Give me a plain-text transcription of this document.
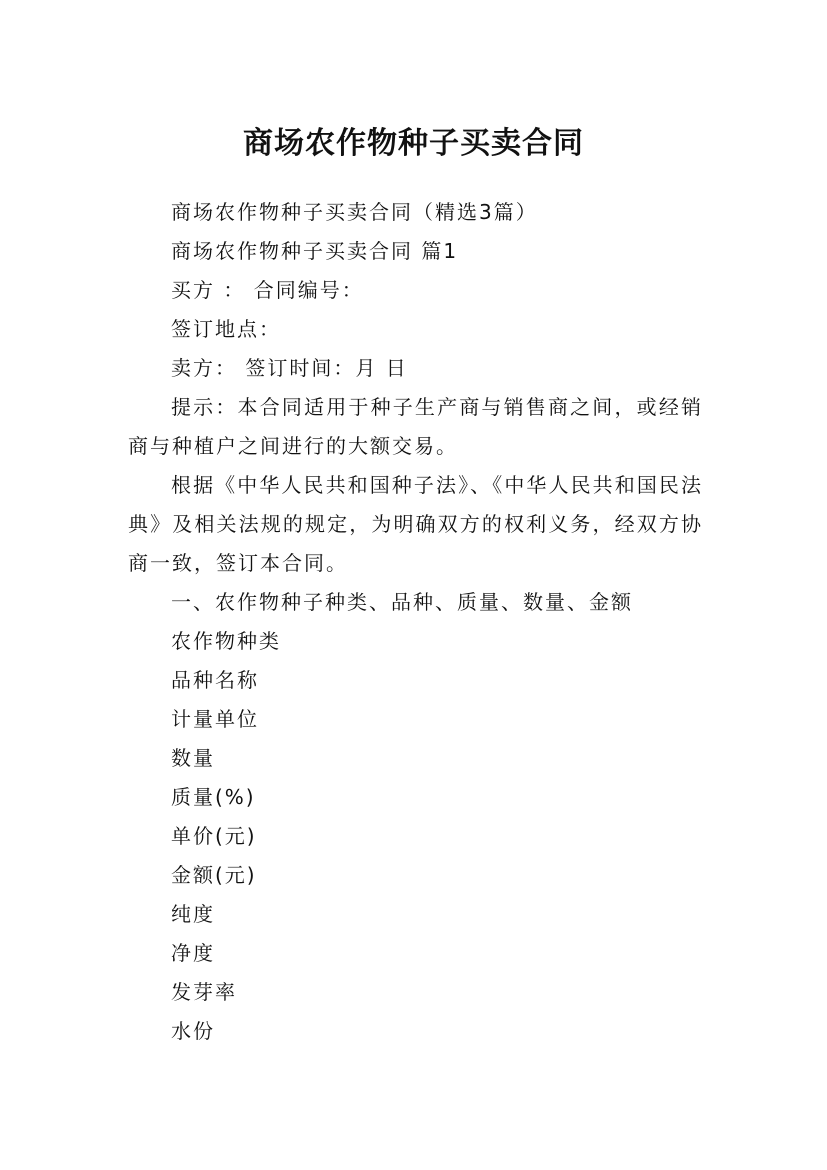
商场农作物种子买卖合同

商场农作物种子买卖合同（精选3篇）

商场农作物种子买卖合同 篇1

买方 ： 合同编号：

签订地点：

卖方： 签订时间：月 日

提示：本合同适用于种子生产商与销售商之间，或经销商与种植户之间进行的大额交易。

根据《中华人民共和国种子法》、《中华人民共和国民法典》及相关法规的规定，为明确双方的权利义务，经双方协商一致，签订本合同。

一、农作物种子种类、品种、质量、数量、金额

农作物种类

品种名称

计量单位

数量

质量(%)

单价(元)

金额(元)

纯度

净度

发芽率

水份
